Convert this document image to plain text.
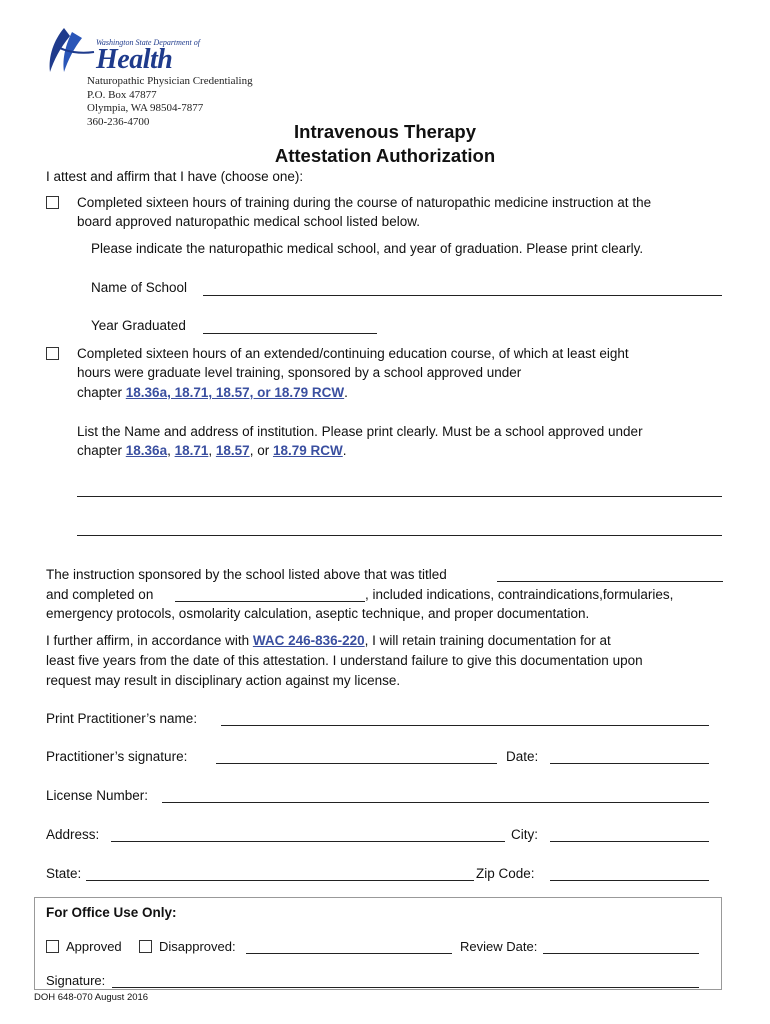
Washington State Department of
Health
Naturopathic Physician Credentialing
P.O. Box 47877
Olympia, WA 98504-7877
360-236-4700	Intravenous Therapy
Attestation Authorization
I attest and affirm that I have (choose one):
Completed sixteen hours of training during the course of naturopathic medicine instruction at the
board approved naturopathic medical school listed below.
Please indicate the naturopathic medical school, and year of graduation. Please print clearly.
Name of School
Year Graduated
Completed sixteen hours of an extended/continuing education course, of which at least eight
hours were graduate level training, sponsored by a school approved under
chapter 18.36a, 18.71, 18.57, or 18.79 RCW.
List the Name and address of institution. Please print clearly. Must be a school approved under
chapter 18.36a, 18.71, 18.57, or 18.79 RCW.
The instruction sponsored by the school listed above that was titled
and completed on	, included indications, contraindications,formularies,
emergency protocols, osmolarity calculation, aseptic technique, and proper documentation.
I further affirm, in accordance with WAC 246-836-220, I will retain training documentation for at
least five years from the date of this attestation. I understand failure to give this documentation upon
request may result in disciplinary action against my license.
Print Practitioner’s name:
Practitioner’s signature:	Date:
License Number:
Address:	City:
State:	Zip Code:
For Office Use Only:
Approved	Disapproved:	Review Date:
Signature:
DOH 648-070 August 2016
